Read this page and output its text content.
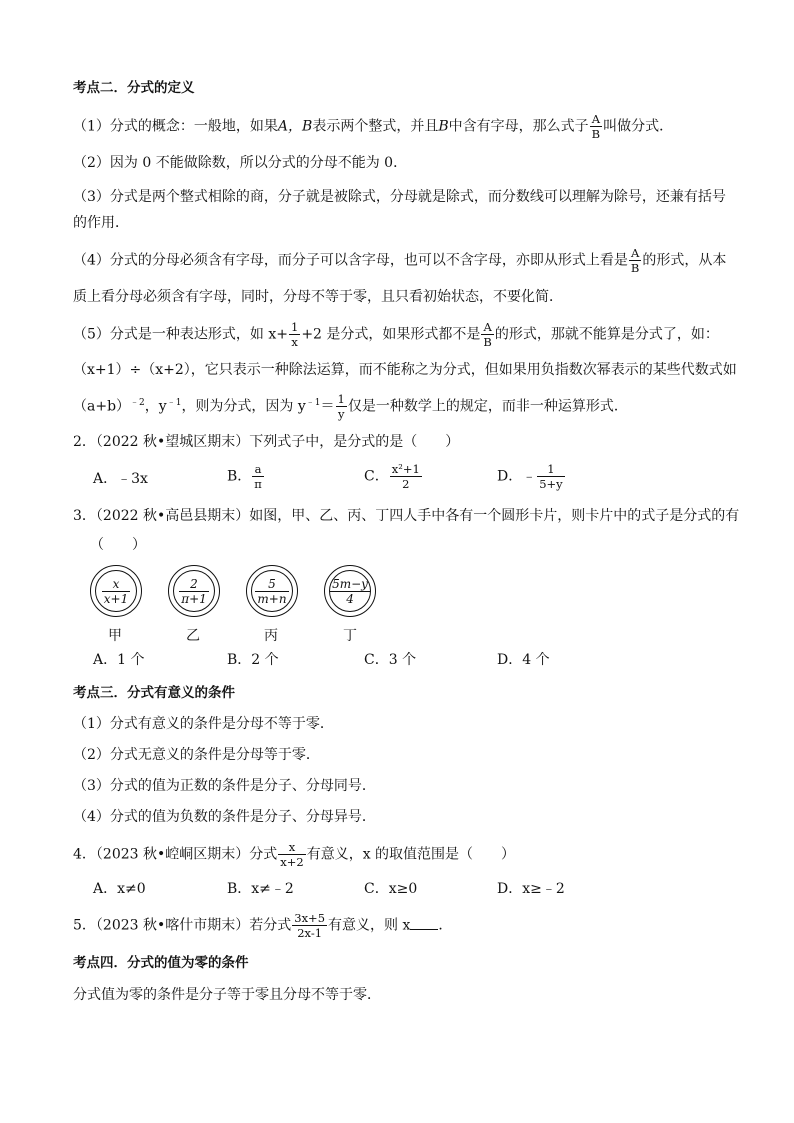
考点二．分式的定义
（1）分式的概念：一般地，如果A，B表示两个整式，并且B中含有字母，那么式子 $\frac{A}{B}$ 叫做分式．
（2）因为 0 不能做除数，所以分式的分母不能为 0．
（3）分式是两个整式相除的商，分子就是被除式，分母就是除式，而分数线可以理解为除号，还兼有括号
的作用．
（4）分式的分母必须含有字母，而分子可以含字母，也可以不含字母，亦即从形式上看是 $\frac{A}{B}$ 的形式，从本
质上看分母必须含有字母，同时，分母不等于零，且只看初始状态，不要化简．
（5）分式是一种表达形式，如 $x+ \frac{1}{x} +2$ 是分式，如果形式都不是 $\frac{A}{B}$ 的形式，那就不能算是分式了，如：
（x+1）÷（x+2），它只表示一种除法运算，而不能称之为分式，但如果用负指数次幂表示的某些代数式如
$(a+b)^{﹣2}$，$y^{﹣1}$，则为分式，因为 $y^{﹣1}= \frac{1}{y}$ 仅是一种数学上的规定，而非一种运算形式．
2．（2022 秋•望城区期末）下列式子中，是分式的是（　　）
A．﹣3x	B． $\frac{a}{\pi}$	C． $\frac{\text{x²+1}}{2}$	D．﹣ $\frac{1}{5+y}$
3．（2022 秋•高邑县期末）如图，甲、乙、丙、丁四人手中各有一个圆形卡片，则卡片中的式子是分式的有
（　　）
$\frac{x}{x+1}$	$\frac{2}{\pi+1}$	$\frac{5}{m+n}$	$\frac{5m-y}{4}$
甲	乙	丙	丁
A．1 个	B．2 个	C．3 个	D．4 个
考点三．分式有意义的条件
（1）分式有意义的条件是分母不等于零．
（2）分式无意义的条件是分母等于零．
（3）分式的值为正数的条件是分子、分母同号．
（4）分式的值为负数的条件是分子、分母异号．
4．（2023 秋•崆峒区期末）分式 $\frac{x}{x+2}$ 有意义，x 的取值范围是（　　）
A．x≠0	B．x≠﹣2	C．x≥0	D．x≥﹣2
5．（2023 秋•喀什市期末）若分式 $\frac{3x+5}{2x-1}$ 有意义，则 x ．
考点四．分式的值为零的条件
分式值为零的条件是分子等于零且分母不等于零．
